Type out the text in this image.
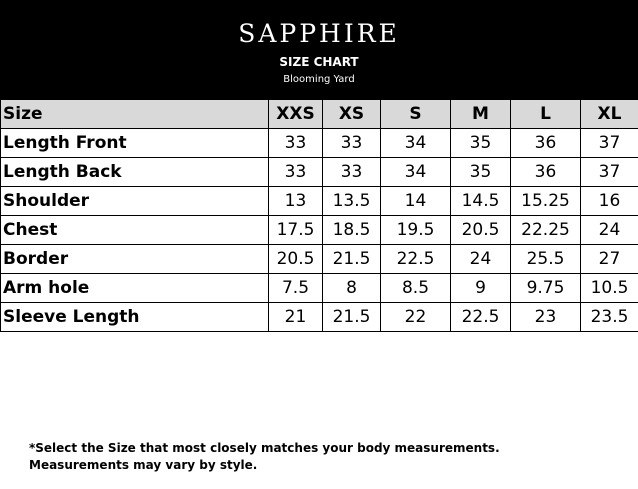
SAPPHIRE
SIZE CHART
Blooming Yard
Size	XXS	XS	S	M	L	XL
Length Front	33	33	34	35	36	37
Length Back	33	33	34	35	36	37
Shoulder	13	13.5	14	14.5	15.25	16
Chest	17.5	18.5	19.5	20.5	22.25	24
Border	20.5	21.5	22.5	24	25.5	27
Arm hole	7.5	8	8.5	9	9.75	10.5
Sleeve Length	21	21.5	22	22.5	23	23.5
*Select the Size that most closely matches your body measurements.
Measurements may vary by style.
